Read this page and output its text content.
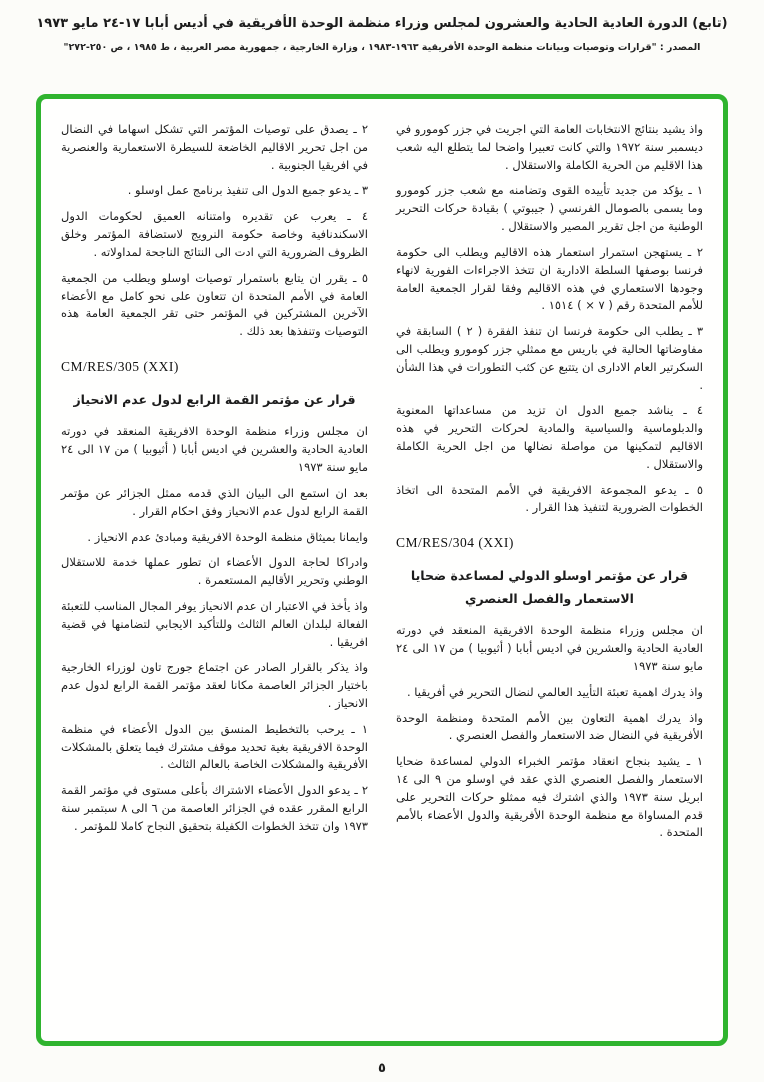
(تابع) الدورة العادية الحادية والعشرون لمجلس وزراء منظمة الوحدة الأفريقية في أديس أبابا ١٧-٢٤ مايو ١٩٧٣
المصدر : "قرارات وتوصيات وبيانات منظمة الوحدة الأفريقية ١٩٦٣-١٩٨٣ ، وزارة الخارجية ، جمهورية مصر العربية ، ط ١٩٨٥ ، ص ٢٥٠-٢٧٢"

واذ يشيد بنتائج الانتخابات العامة التي اجريت في جزر كومورو في ديسمبر سنة ١٩٧٢ والتي كانت تعبيرا واضحا لما يتطلع اليه شعب هذا الاقليم من الحرية الكاملة والاستقلال .

١ ـ يؤكد من جديد تأييده القوى وتضامنه مع شعب جزر كومورو وما يسمى بالصومال الفرنسي ( جيبوتي ) بقيادة حركات التحرير الوطنية من اجل تقرير المصير والاستقلال .

٢ ـ يستهجن استمرار استعمار هذه الاقاليم ويطلب الى حكومة فرنسا بوصفها السلطة الادارية ان تتخذ الاجراءات الفورية لانهاء وجودها الاستعماري في هذه الاقاليم وفقا لقرار الجمعية العامة للأمم المتحدة رقم ( ٧ × ) ١٥١٤ .

٣ ـ يطلب الى حكومة فرنسا ان تنفذ الفقرة ( ٢ ) السابقة في مفاوضاتها الحالية في باريس مع ممثلي جزر كومورو ويطلب الى السكرتير العام الادارى ان يتتبع عن كثب التطورات في هذا الشأن .

٤ ـ يناشد جميع الدول ان تزيد من مساعداتها المعنوية والدبلوماسية والسياسية والمادية لحركات التحرير في هذه الاقاليم لتمكينها من مواصلة نضالها من اجل الحرية الكاملة والاستقلال .

٥ ـ يدعو المجموعة الافريقية في الأمم المتحدة الى اتخاذ الخطوات الضرورية لتنفيذ هذا القرار .

CM/RES/304 (XXI)
قرار عن مؤتمر اوسلو الدولي لمساعدة ضحايا الاستعمار والفصل العنصري

ان مجلس وزراء منظمة الوحدة الافريقية المنعقد في دورته العادية الحادية والعشرين في اديس أبابا ( أثيوبيا ) من ١٧ الى ٢٤ مايو سنة ١٩٧٣

واذ يدرك اهمية تعبئة التأييد العالمي لنضال التحرير في أفريقيا .

واذ يدرك اهمية التعاون بين الأمم المتحدة ومنظمة الوحدة الأفريقية في النضال ضد الاستعمار والفصل العنصري .

١ ـ يشيد بنجاح انعقاد مؤتمر الخبراء الدولي لمساعدة ضحايا الاستعمار والفصل العنصري الذي عقد في اوسلو من ٩ الى ١٤ ابريل سنة ١٩٧٣ والذي اشترك فيه ممثلو حركات التحرير على قدم المساواة مع منظمة الوحدة الأفريقية والدول الأعضاء بالأمم المتحدة .

٢ ـ يصدق على توصيات المؤتمر التي تشكل اسهاما في النضال من اجل تحرير الاقاليم الخاضعة للسيطرة الاستعمارية والعنصرية في افريقيا الجنوبية .

٣ ـ يدعو جميع الدول الى تنفيذ برنامج عمل اوسلو .

٤ ـ يعرب عن تقديره وامتنانه العميق لحكومات الدول الاسكندنافية وخاصة حكومة النرويج لاستضافة المؤتمر وخلق الظروف الضرورية التي ادت الى النتائج الناجحة لمداولاته .

٥ ـ يقرر ان يتابع باستمرار توصيات اوسلو ويطلب من الجمعية العامة في الأمم المتحدة ان تتعاون على نحو كامل مع الأعضاء الآخرين المشتركين في المؤتمر حتى تقر الجمعية العامة هذه التوصيات وتنفذها بعد ذلك .

CM/RES/305 (XXI)
قرار عن مؤتمر القمة الرابع لدول عدم الانحياز

ان مجلس وزراء منظمة الوحدة الافريقية المنعقد في دورته العادية الحادية والعشرين في اديس أبابا ( أثيوبيا ) من ١٧ الى ٢٤ مايو سنة ١٩٧٣

بعد ان استمع الى البيان الذي قدمه ممثل الجزائر عن مؤتمر القمة الرابع لدول عدم الانحياز وفق احكام القرار .

وايمانا بميثاق منظمة الوحدة الافريقية ومبادئ عدم الانحياز .

وادراكا لحاجة الدول الأعضاء ان تطور عملها خدمة للاستقلال الوطني وتحرير الأقاليم المستعمرة .

واذ يأخذ في الاعتبار ان عدم الانحياز يوفر المجال المناسب للتعبئة الفعالة لبلدان العالم الثالث وللتأكيد الايجابي لتضامنها في قضية افريقيا .

واذ يذكر بالقرار الصادر عن اجتماع جورج تاون لوزراء الخارجية باختيار الجزائر العاصمة مكانا لعقد مؤتمر القمة الرابع لدول عدم الانحياز .

١ ـ يرحب بالتخطيط المنسق بين الدول الأعضاء في منظمة الوحدة الافريقية بغية تحديد موقف مشترك فيما يتعلق بالمشكلات الأفريقية والمشكلات الخاصة بالعالم الثالث .

٢ ـ يدعو الدول الأعضاء الاشتراك بأعلى مستوى في مؤتمر القمة الرابع المقرر عقده في الجزائر العاصمة من ٦ الى ٨ سبتمبر سنة ١٩٧٣ وان تتخذ الخطوات الكفيلة بتحقيق النجاح كاملا للمؤتمر .

٥
